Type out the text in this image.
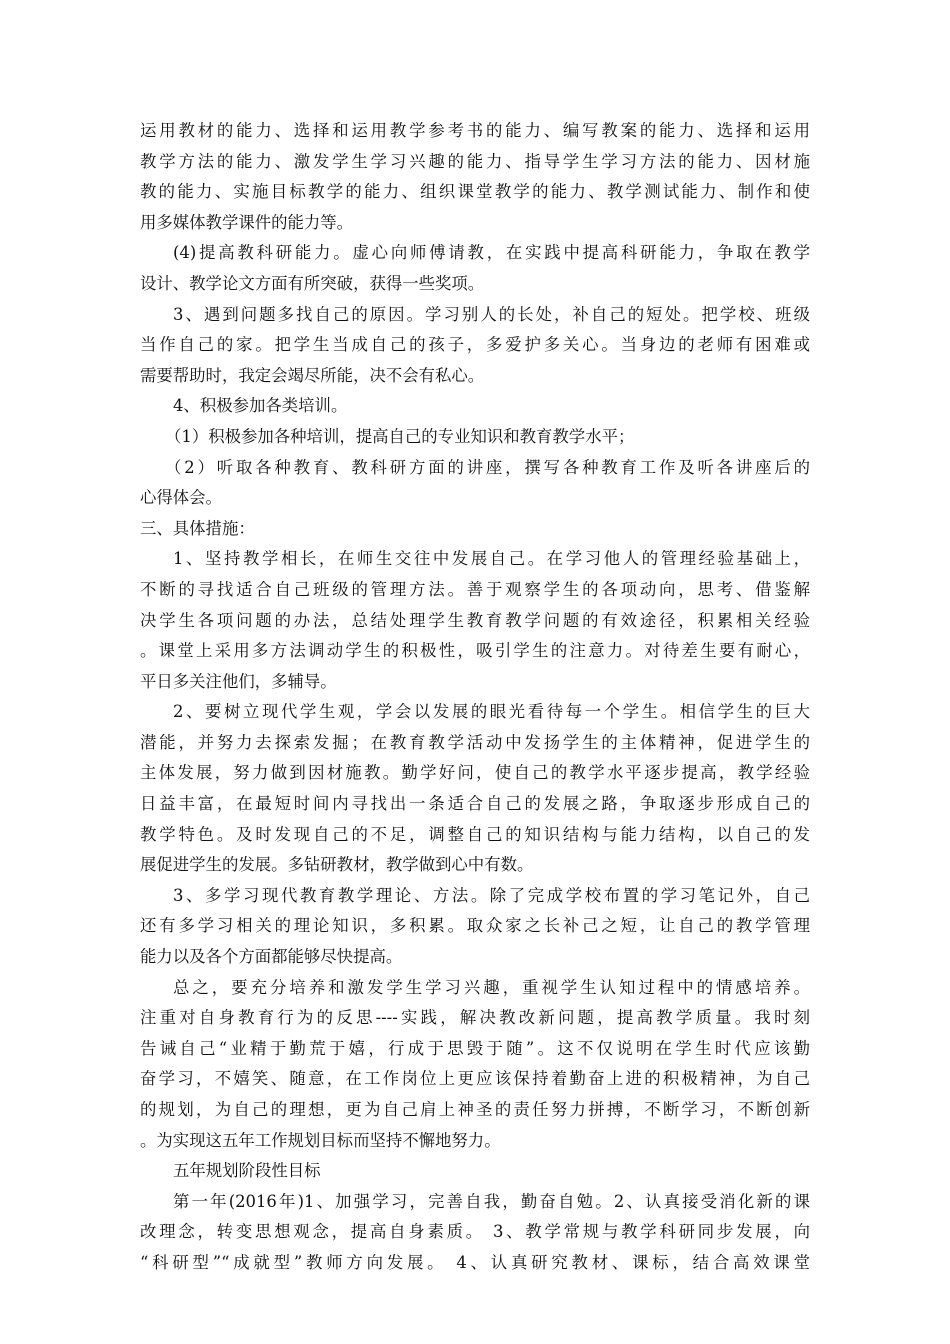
运用教材的能力、选择和运用教学参考书的能力、编写教案的能力、选择和运用
教学方法的能力、激发学生学习兴趣的能力、指导学生学习方法的能力、因材施
教的能力、实施目标教学的能力、组织课堂教学的能力、教学测试能力、制作和使
用多媒体教学课件的能力等。
(4)提高教科研能力。虚心向师傅请教，在实践中提高科研能力，争取在教学
设计、教学论文方面有所突破，获得一些奖项。
3、遇到问题多找自己的原因。学习别人的长处，补自己的短处。把学校、班级
当作自己的家。把学生当成自己的孩子，多爱护多关心。当身边的老师有困难或
需要帮助时，我定会竭尽所能，决不会有私心。
4、积极参加各类培训。
（1）积极参加各种培训，提高自己的专业知识和教育教学水平；
（2）听取各种教育、教科研方面的讲座，撰写各种教育工作及听各讲座后的
心得体会。
三、具体措施：
1、坚持教学相长，在师生交往中发展自己。在学习他人的管理经验基础上，
不断的寻找适合自己班级的管理方法。善于观察学生的各项动向，思考、借鉴解
决学生各项问题的办法，总结处理学生教育教学问题的有效途径，积累相关经验
。课堂上采用多方法调动学生的积极性，吸引学生的注意力。对待差生要有耐心，
平日多关注他们，多辅导。
2、要树立现代学生观，学会以发展的眼光看待每一个学生。相信学生的巨大
潜能，并努力去探索发掘；在教育教学活动中发扬学生的主体精神，促进学生的
主体发展，努力做到因材施教。勤学好问，使自己的教学水平逐步提高，教学经验
日益丰富，在最短时间内寻找出一条适合自己的发展之路，争取逐步形成自己的
教学特色。及时发现自己的不足，调整自己的知识结构与能力结构，以自己的发
展促进学生的发展。多钻研教材，教学做到心中有数。
3、多学习现代教育教学理论、方法。除了完成学校布置的学习笔记外，自己
还有多学习相关的理论知识，多积累。取众家之长补己之短，让自己的教学管理
能力以及各个方面都能够尽快提高。
总之，要充分培养和激发学生学习兴趣，重视学生认知过程中的情感培养。
注重对自身教育行为的反思----实践，解决教改新问题，提高教学质量。我时刻
告诫自己“业精于勤荒于嬉，行成于思毁于随”。这不仅说明在学生时代应该勤
奋学习，不嬉笑、随意，在工作岗位上更应该保持着勤奋上进的积极精神，为自己
的规划，为自己的理想，更为自己肩上神圣的责任努力拼搏，不断学习，不断创新
。为实现这五年工作规划目标而坚持不懈地努力。
五年规划阶段性目标
第一年(2016年)1、加强学习，完善自我，勤奋自勉。2、认真接受消化新的课
改理念，转变思想观念，提高自身素质。 3、教学常规与教学科研同步发展，向
“科研型”“成就型”教师方向发展。 4、认真研究教材、课标，结合高效课堂
